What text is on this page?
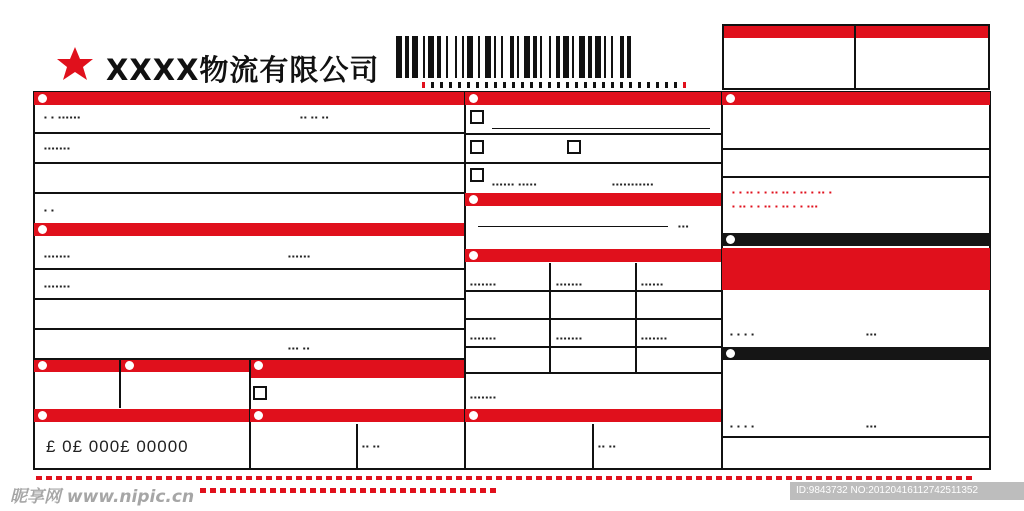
XXXX物流有限公司
▪ ▪ ▪▪▪▪▪▪	▪▪ ▪▪ ▪▪
▪▪▪▪▪▪▪
▪ ▪
▪▪▪▪▪▪▪	▪▪▪▪▪▪
▪▪▪▪▪▪▪
▪▪▪ ▪▪
£ 0£ 000£ 00000	▪▪ ▪▪
▪▪▪▪▪▪ ▪▪▪▪▪	▪▪▪▪▪▪▪▪▪▪▪
▪▪▪
▪▪▪▪▪▪▪	▪▪▪▪▪▪▪	▪▪▪▪▪▪
▪▪▪▪▪▪▪	▪▪▪▪▪▪▪	▪▪▪▪▪▪▪
▪▪▪▪▪▪▪
▪▪ ▪▪
▪ ▪ ▪▪ ▪ ▪ ▪▪ ▪▪ ▪ ▪▪ ▪ ▪▪ ▪
▪ ▪▪ ▪ ▪ ▪▪ ▪ ▪▪ ▪ ▪ ▪▪▪
▪ ▪ ▪ ▪	▪▪▪
▪ ▪ ▪ ▪	▪▪▪
昵享网 www.nipic.cn	ID:9843732 NO:20120416112742511352
